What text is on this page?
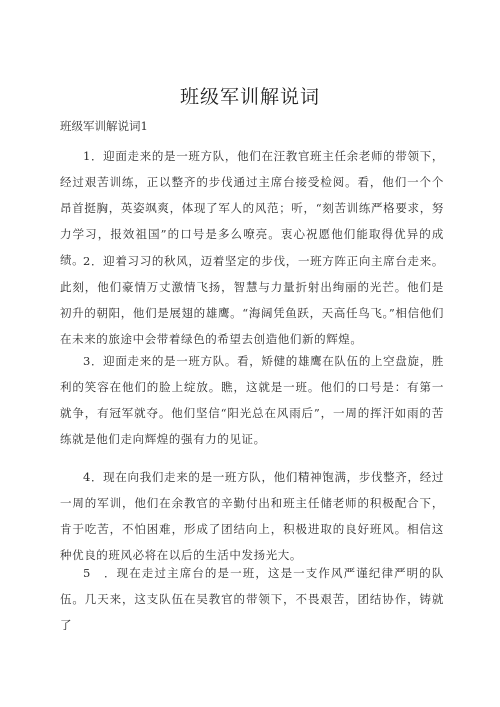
班级军训解说词

班级军训解说词1

1．迎面走来的是一班方队，他们在汪教官班主任余老师的带领下，经过艰苦训练，正以整齐的步伐通过主席台接受检阅。看，他们一个个昂首挺胸，英姿飒爽，体现了军人的风范；听，“刻苦训练严格要求，努力学习，报效祖国”的口号是多么嘹亮。衷心祝愿他们能取得优异的成绩。

2．迎着习习的秋风，迈着坚定的步伐，一班方阵正向主席台走来。此刻，他们豪情万丈激情飞扬，智慧与力量折射出绚丽的光芒。他们是初升的朝阳，他们是展翅的雄鹰。“海阔凭鱼跃，天高任鸟飞。”相信他们在未来的旅途中会带着绿色的希望去创造他们新的辉煌。

3．迎面走来的是一班方队。看，矫健的雄鹰在队伍的上空盘旋，胜利的笑容在他们的脸上绽放。瞧，这就是一班。他们的口号是：有第一就争，有冠军就夺。他们坚信“阳光总在风雨后”，一周的挥汗如雨的苦练就是他们走向辉煌的强有力的见证。

4．现在向我们走来的是一班方队，他们精神饱满，步伐整齐，经过一周的军训，他们在余教官的辛勤付出和班主任储老师的积极配合下，肯于吃苦，不怕困难，形成了团结向上，积极进取的良好班风。相信这种优良的班风必将在以后的生活中发扬光大。

5　．现在走过主席台的是一班，这是一支作风严谨纪律严明的队伍。几天来，这支队伍在吴教官的带领下，不畏艰苦，团结协作，铸就了
